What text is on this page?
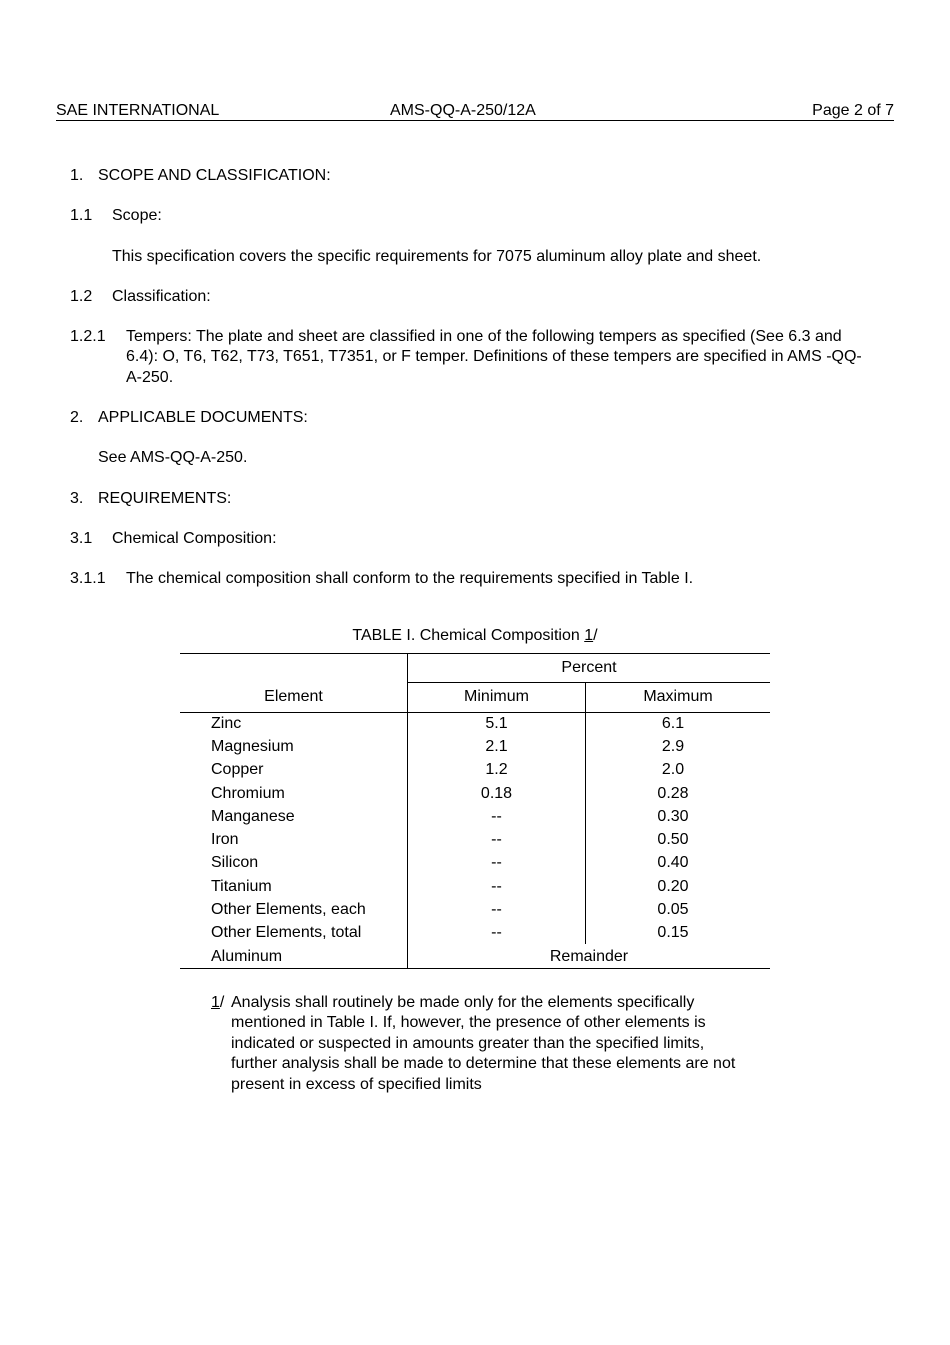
SAE INTERNATIONAL	AMS-QQ-A-250/12A	Page 2 of 7
1. SCOPE AND CLASSIFICATION:
1.1 Scope:
This specification covers the specific requirements for 7075 aluminum alloy plate and sheet.
1.2 Classification:
1.2.1 Tempers: The plate and sheet are classified in one of the following tempers as specified (See 6.3 and 6.4): O, T6, T62, T73, T651, T7351, or F temper. Definitions of these tempers are specified in AMS -QQ-A-250.
2. APPLICABLE DOCUMENTS:
See AMS-QQ-A-250.
3. REQUIREMENTS:
3.1 Chemical Composition:
3.1.1 The chemical composition shall conform to the requirements specified in Table I.
TABLE I. Chemical Composition 1/
Percent
Element	Minimum	Maximum
Zinc	5.1	6.1
Magnesium	2.1	2.9
Copper	1.2	2.0
Chromium	0.18	0.28
Manganese	--	0.30
Iron	--	0.50
Silicon	--	0.40
Titanium	--	0.20
Other Elements, each	--	0.05
Other Elements, total	--	0.15
Aluminum	Remainder
1/ Analysis shall routinely be made only for the elements specifically mentioned in Table I. If, however, the presence of other elements is indicated or suspected in amounts greater than the specified limits, further analysis shall be made to determine that these elements are not present in excess of specified limits
